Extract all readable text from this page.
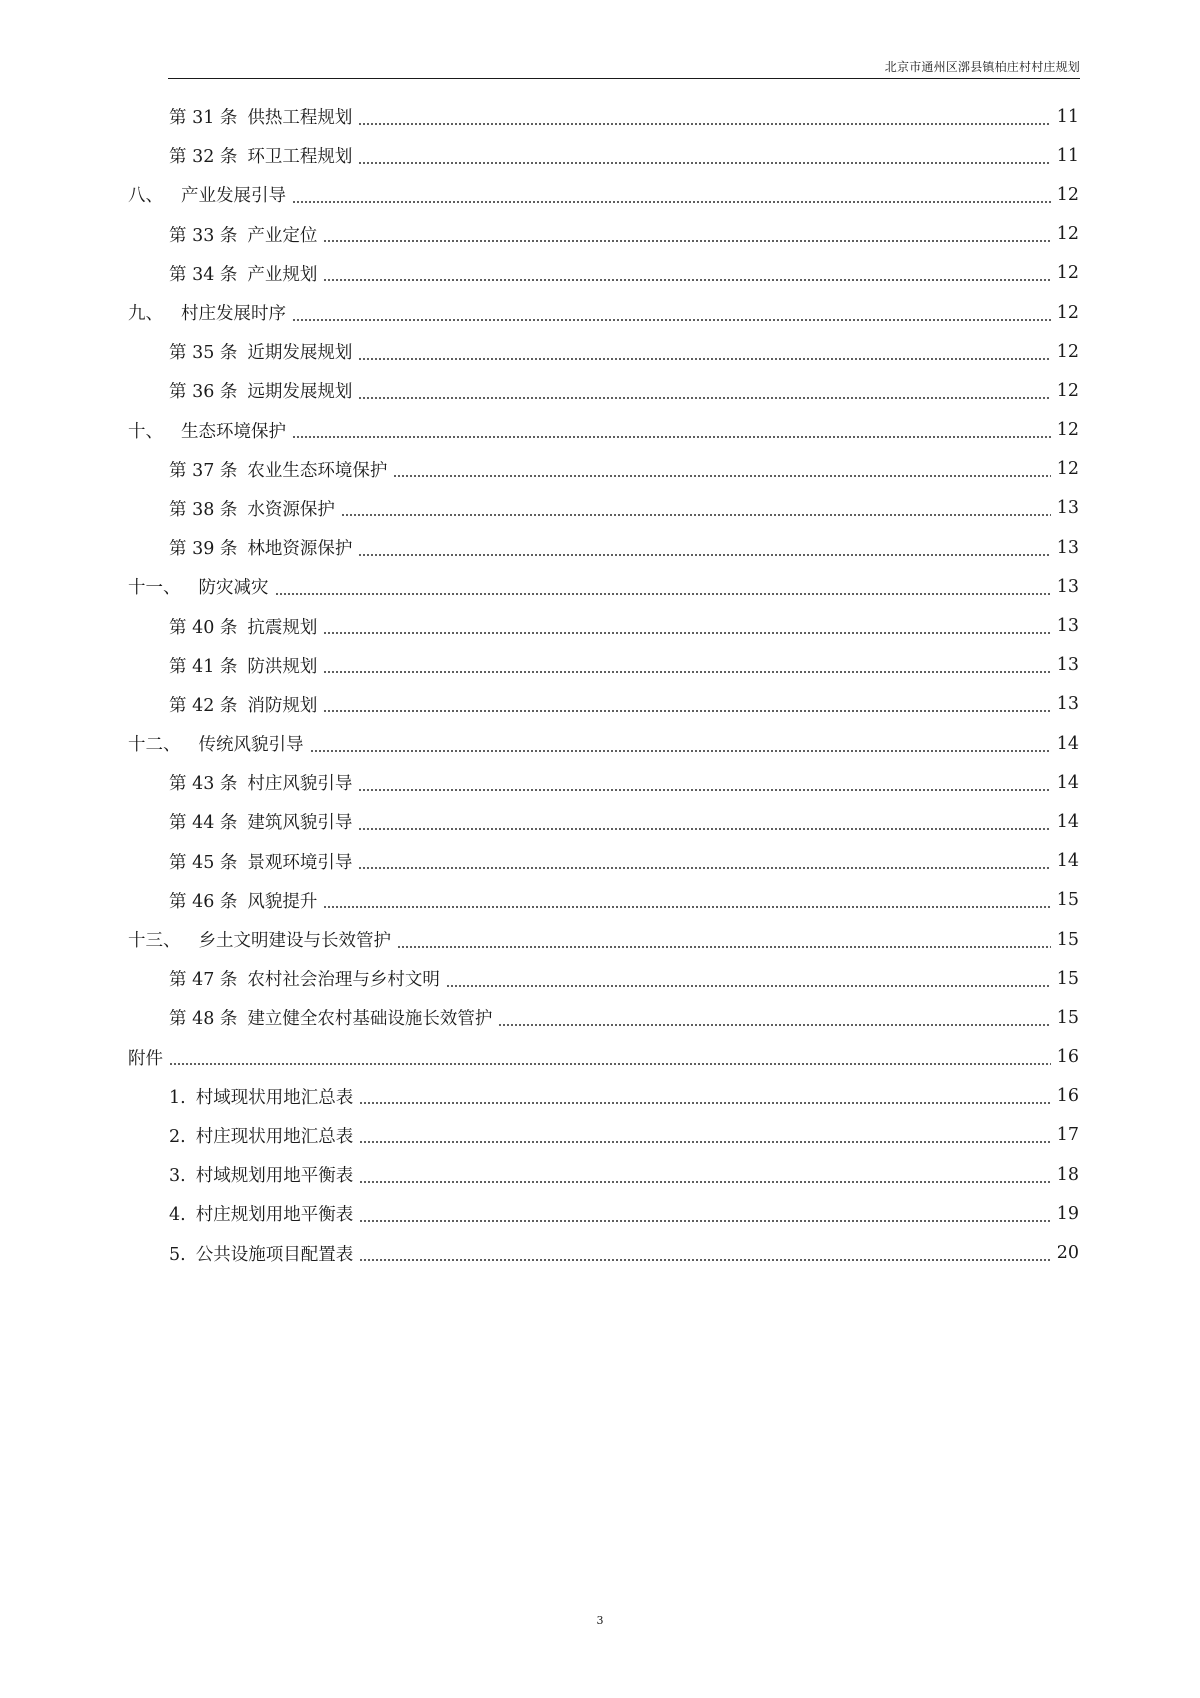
北京市通州区漷县镇柏庄村村庄规划
第 31 条 供热工程规划	11
第 32 条 环卫工程规划	11
八、 产业发展引导	12
第 33 条 产业定位	12
第 34 条 产业规划	12
九、 村庄发展时序	12
第 35 条 近期发展规划	12
第 36 条 远期发展规划	12
十、 生态环境保护	12
第 37 条 农业生态环境保护	12
第 38 条 水资源保护	13
第 39 条 林地资源保护	13
十一、 防灾减灾	13
第 40 条 抗震规划	13
第 41 条 防洪规划	13
第 42 条 消防规划	13
十二、 传统风貌引导	14
第 43 条 村庄风貌引导	14
第 44 条 建筑风貌引导	14
第 45 条 景观环境引导	14
第 46 条 风貌提升	15
十三、 乡土文明建设与长效管护	15
第 47 条 农村社会治理与乡村文明	15
第 48 条 建立健全农村基础设施长效管护	15
附件	16
1. 村域现状用地汇总表	16
2. 村庄现状用地汇总表	17
3. 村域规划用地平衡表	18
4. 村庄规划用地平衡表	19
5. 公共设施项目配置表	20
3
